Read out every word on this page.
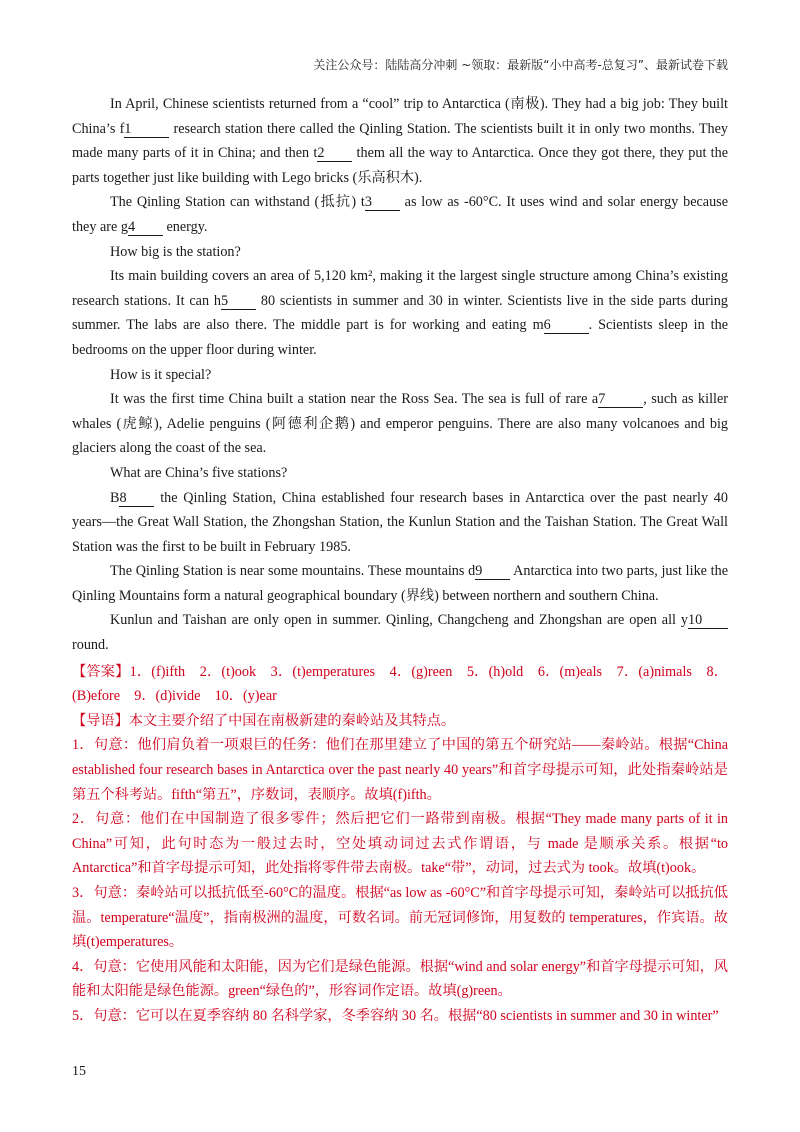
关注公众号：陆陆高分冲刺 ~领取：最新版“小中高考-总复习”、最新试卷下载

In April, Chinese scientists returned from a “cool” trip to Antarctica (南极). They had a big job: They built China’s f1	research station there called the Qinling Station. The scientists built it in only two months. They made many parts of it in China; and then t2 them all the way to Antarctica. Once they got there, they put the parts together just like building with Lego bricks (乐高积木).

The Qinling Station can withstand (抵抗) t3 as low as -60°C. It uses wind and solar energy because they are g4 energy.

How big is the station?

Its main building covers an area of 5,120 km², making it the largest single structure among China’s existing research stations. It can h5 80 scientists in summer and 30 in winter. Scientists live in the side parts during summer. The labs are also there. The middle part is for working and eating m6	. Scientists sleep in the bedrooms on the upper floor during winter.

How is it special?

It was the first time China built a station near the Ross Sea. The sea is full of rare a7	, such as killer whales (虎鲸), Adelie penguins (阿德利企鹅) and emperor penguins. There are also many volcanoes and big glaciers along the coast of the sea.

What are China’s five stations?

B8 the Qinling Station, China established four research bases in Antarctica over the past nearly 40 years—the Great Wall Station, the Zhongshan Station, the Kunlun Station and the Taishan Station. The Great Wall Station was the first to be built in February 1985.

The Qinling Station is near some mountains. These mountains d9 Antarctica into two parts, just like the Qinling Mountains form a natural geographical boundary (界线) between northern and southern China.

Kunlun and Taishan are only open in summer. Qinling, Changcheng and Zhongshan are open all y10 round.

【答案】1．(f)ifth　2．(t)ook　3．(t)emperatures　4．(g)reen　5．(h)old　6．(m)eals　7．(a)nimals　8．(B)efore　9．(d)ivide　10．(y)ear

【导语】本文主要介绍了中国在南极新建的秦岭站及其特点。

1．句意：他们肩负着一项艰巨的任务：他们在那里建立了中国的第五个研究站——秦岭站。根据“China established four research bases in Antarctica over the past nearly 40 years”和首字母提示可知，此处指秦岭站是第五个科考站。fifth“第五”，序数词，表顺序。故填(f)ifth。

2．句意：他们在中国制造了很多零件；然后把它们一路带到南极。根据“They made many parts of it in China”可知，此句时态为一般过去时，空处填动词过去式作谓语，与 made 是顺承关系。根据“to Antarctica”和首字母提示可知，此处指将零件带去南极。take“带”，动词，过去式为 took。故填(t)ook。

3．句意：秦岭站可以抵抗低至-60°C的温度。根据“as low as -60°C”和首字母提示可知，秦岭站可以抵抗低温。temperature“温度”，指南极洲的温度，可数名词。前无冠词修饰，用复数的 temperatures，作宾语。故填(t)emperatures。

4．句意：它使用风能和太阳能，因为它们是绿色能源。根据“wind and solar energy”和首字母提示可知，风能和太阳能是绿色能源。green“绿色的”，形容词作定语。故填(g)reen。

5．句意：它可以在夏季容纳 80 名科学家，冬季容纳 30 名。根据“80 scientists in summer and 30 in winter”

15
